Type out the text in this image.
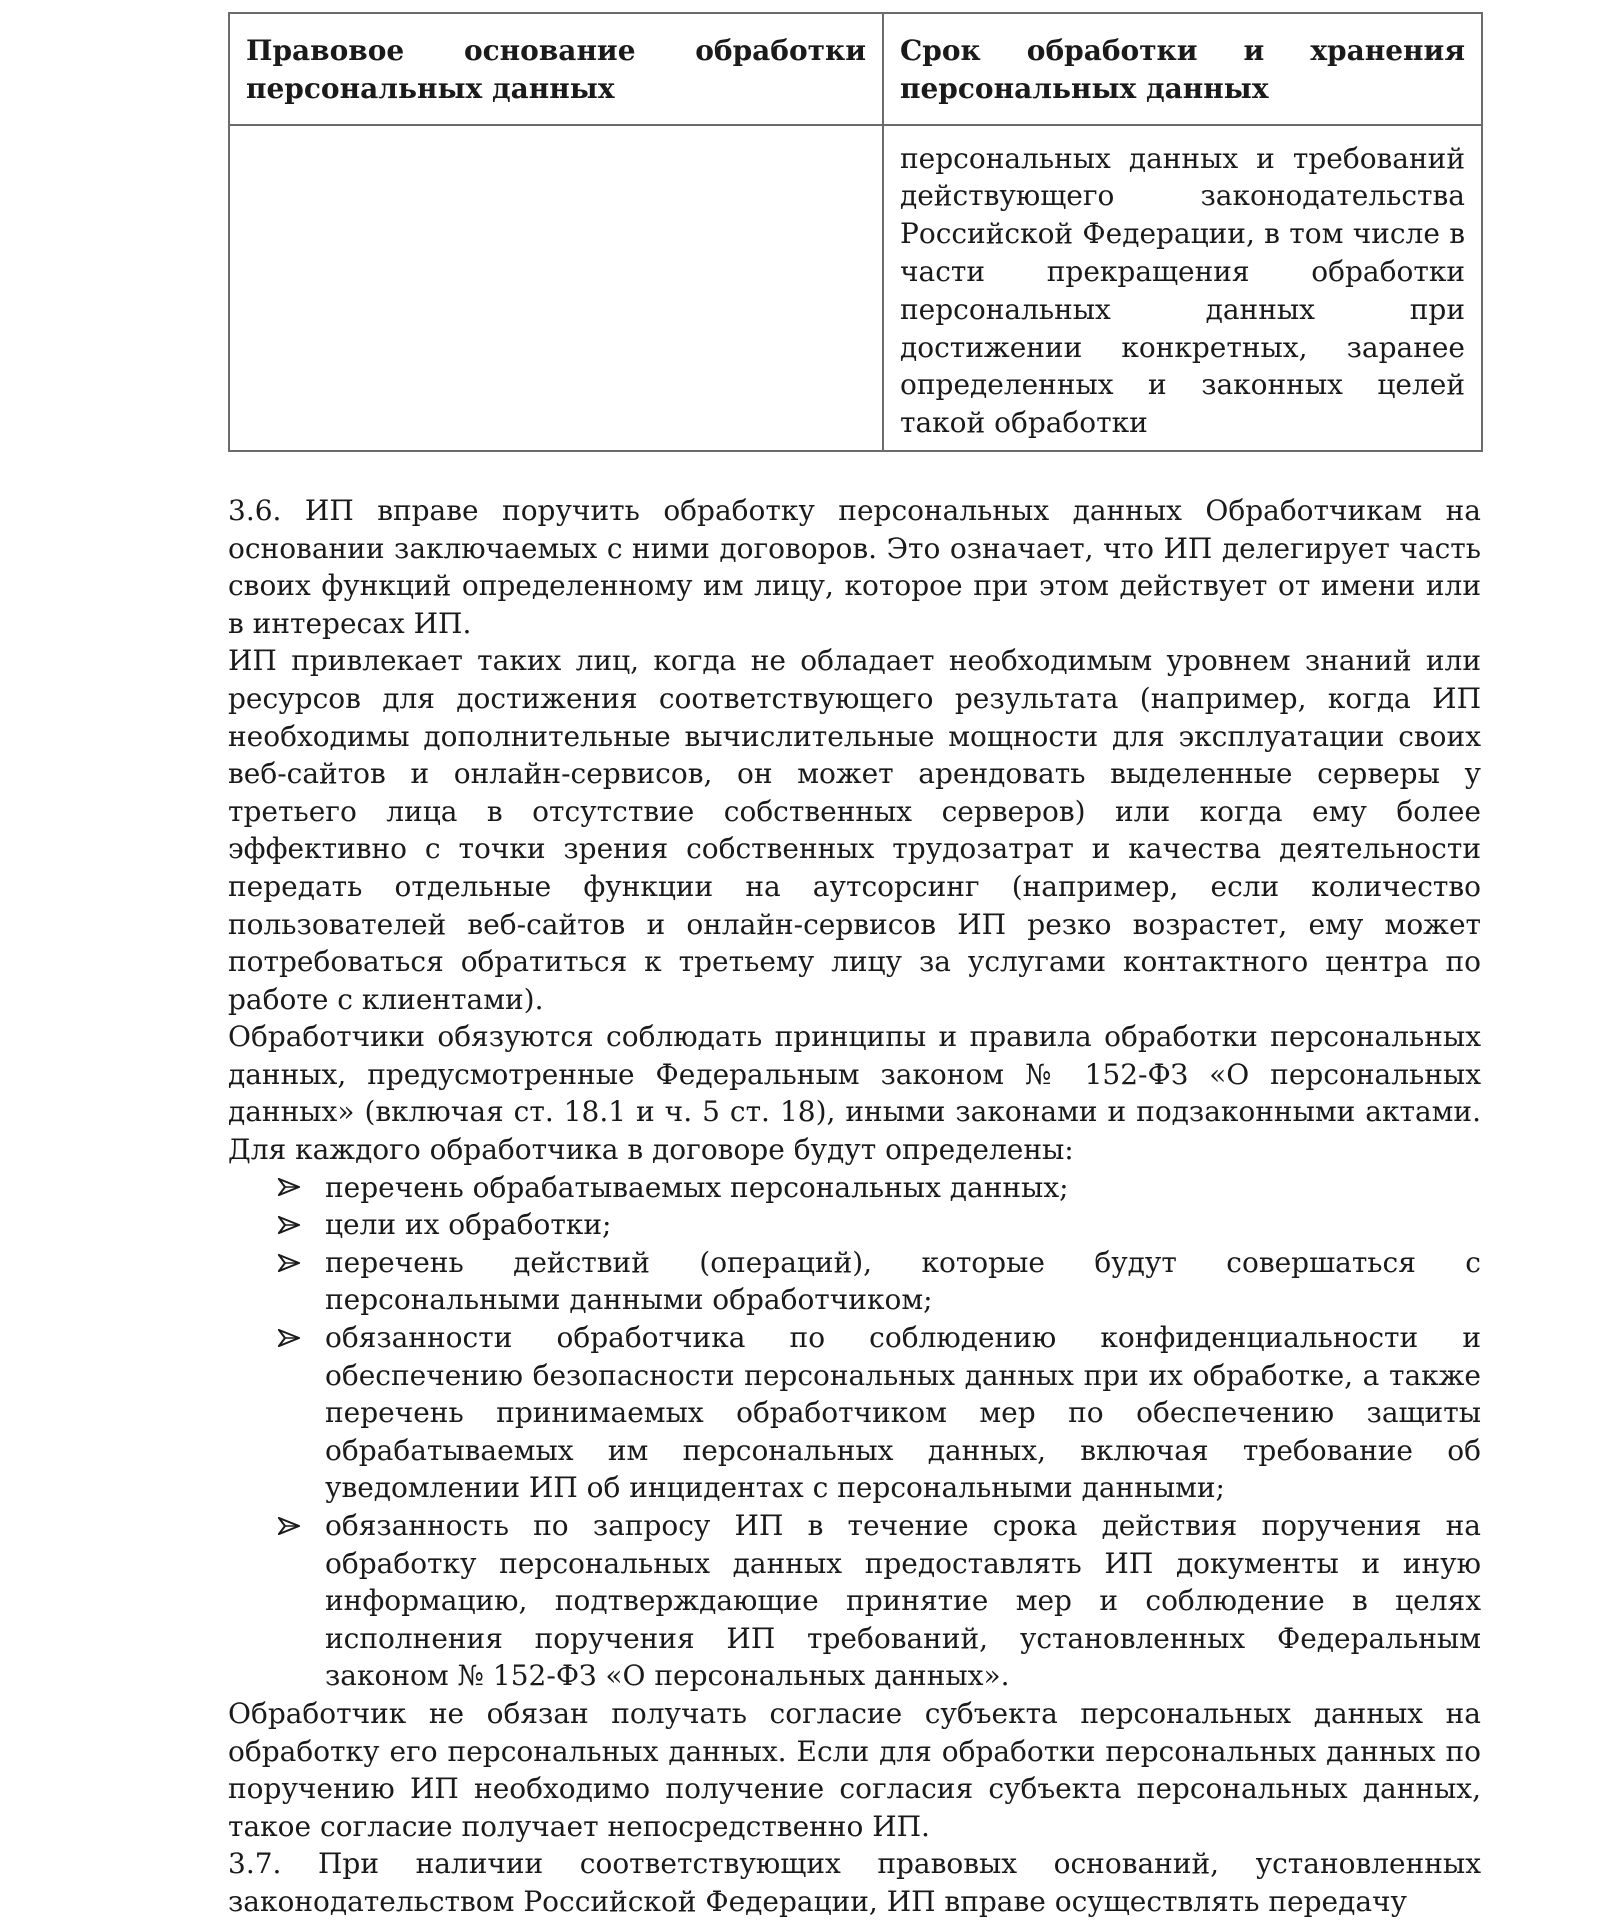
Правовое основание обработки персональных данных	Срок обработки и хранения персональных данных
	персональных данных и требований действующего законодательства Российской Федерации, в том числе в части прекращения обработки персональных данных при достижении конкретных, заранее определенных и законных целей такой обработки

3.6. ИП вправе поручить обработку персональных данных Обработчикам на основании заключаемых с ними договоров. Это означает, что ИП делегирует часть своих функций определенному им лицу, которое при этом действует от имени или в интересах ИП.

ИП привлекает таких лиц, когда не обладает необходимым уровнем знаний или ресурсов для достижения соответствующего результата (например, когда ИП необходимы дополнительные вычислительные мощности для эксплуатации своих веб-сайтов и онлайн-сервисов, он может арендовать выделенные серверы у третьего лица в отсутствие собственных серверов) или когда ему более эффективно с точки зрения собственных трудозатрат и качества деятельности передать отдельные функции на аутсорсинг (например, если количество пользователей веб-сайтов и онлайн-сервисов ИП резко возрастет, ему может потребоваться обратиться к третьему лицу за услугами контактного центра по работе с клиентами).

Обработчики обязуются соблюдать принципы и правила обработки персональных данных, предусмотренные Федеральным законом № 152-ФЗ «О персональных данных» (включая ст. 18.1 и ч. 5 ст. 18), иными законами и подзаконными актами. Для каждого обработчика в договоре будут определены:

перечень обрабатываемых персональных данных;
цели их обработки;
перечень действий (операций), которые будут совершаться с персональными данными обработчиком;
обязанности обработчика по соблюдению конфиденциальности и обеспечению безопасности персональных данных при их обработке, а также перечень принимаемых обработчиком мер по обеспечению защиты обрабатываемых им персональных данных, включая требование об уведомлении ИП об инцидентах с персональными данными;
обязанность по запросу ИП в течение срока действия поручения на обработку персональных данных предоставлять ИП документы и иную информацию, подтверждающие принятие мер и соблюдение в целях исполнения поручения ИП требований, установленных Федеральным законом № 152-ФЗ «О персональных данных».

Обработчик не обязан получать согласие субъекта персональных данных на обработку его персональных данных. Если для обработки персональных данных по поручению ИП необходимо получение согласия субъекта персональных данных, такое согласие получает непосредственно ИП.

3.7. При наличии соответствующих правовых оснований, установленных законодательством Российской Федерации, ИП вправе осуществлять передачу
